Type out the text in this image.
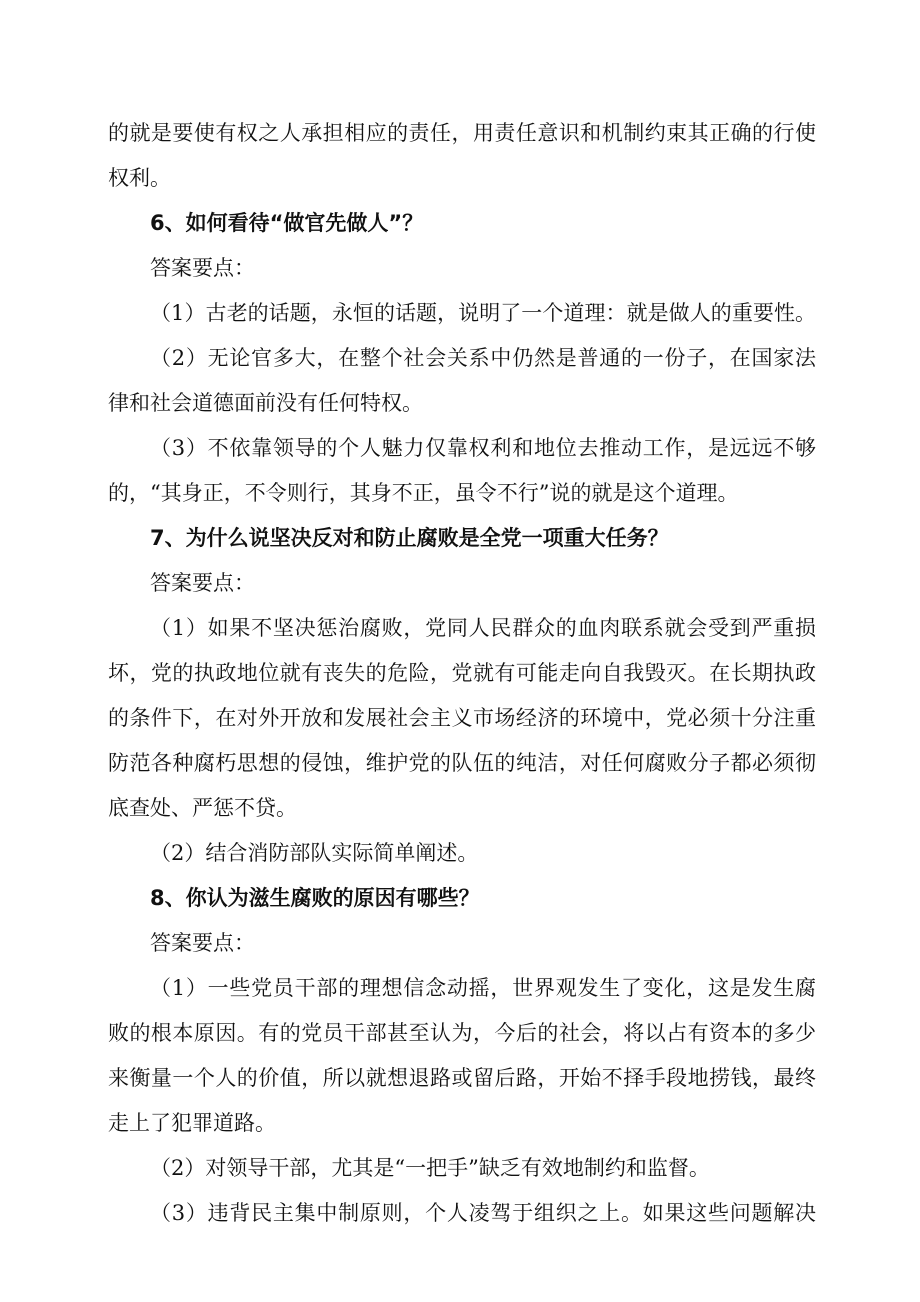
的就是要使有权之人承担相应的责任，用责任意识和机制约束其正确的行使
权利。
6、如何看待“做官先做人”？
答案要点：
（1）古老的话题，永恒的话题，说明了一个道理：就是做人的重要性。
（2）无论官多大，在整个社会关系中仍然是普通的一份子，在国家法
律和社会道德面前没有任何特权。
（3）不依靠领导的个人魅力仅靠权利和地位去推动工作，是远远不够
的，“其身正，不令则行，其身不正，虽令不行”说的就是这个道理。
7、为什么说坚决反对和防止腐败是全党一项重大任务？
答案要点：
（1）如果不坚决惩治腐败，党同人民群众的血肉联系就会受到严重损
坏，党的执政地位就有丧失的危险，党就有可能走向自我毁灭。在长期执政
的条件下，在对外开放和发展社会主义市场经济的环境中，党必须十分注重
防范各种腐朽思想的侵蚀，维护党的队伍的纯洁，对任何腐败分子都必须彻
底查处、严惩不贷。
（2）结合消防部队实际简单阐述。
8、你认为滋生腐败的原因有哪些？
答案要点：
（1）一些党员干部的理想信念动摇，世界观发生了变化，这是发生腐
败的根本原因。有的党员干部甚至认为，今后的社会，将以占有资本的多少
来衡量一个人的价值，所以就想退路或留后路，开始不择手段地捞钱，最终
走上了犯罪道路。
（2）对领导干部，尤其是“一把手”缺乏有效地制约和监督。
（3）违背民主集中制原则，个人凌驾于组织之上。如果这些问题解决
